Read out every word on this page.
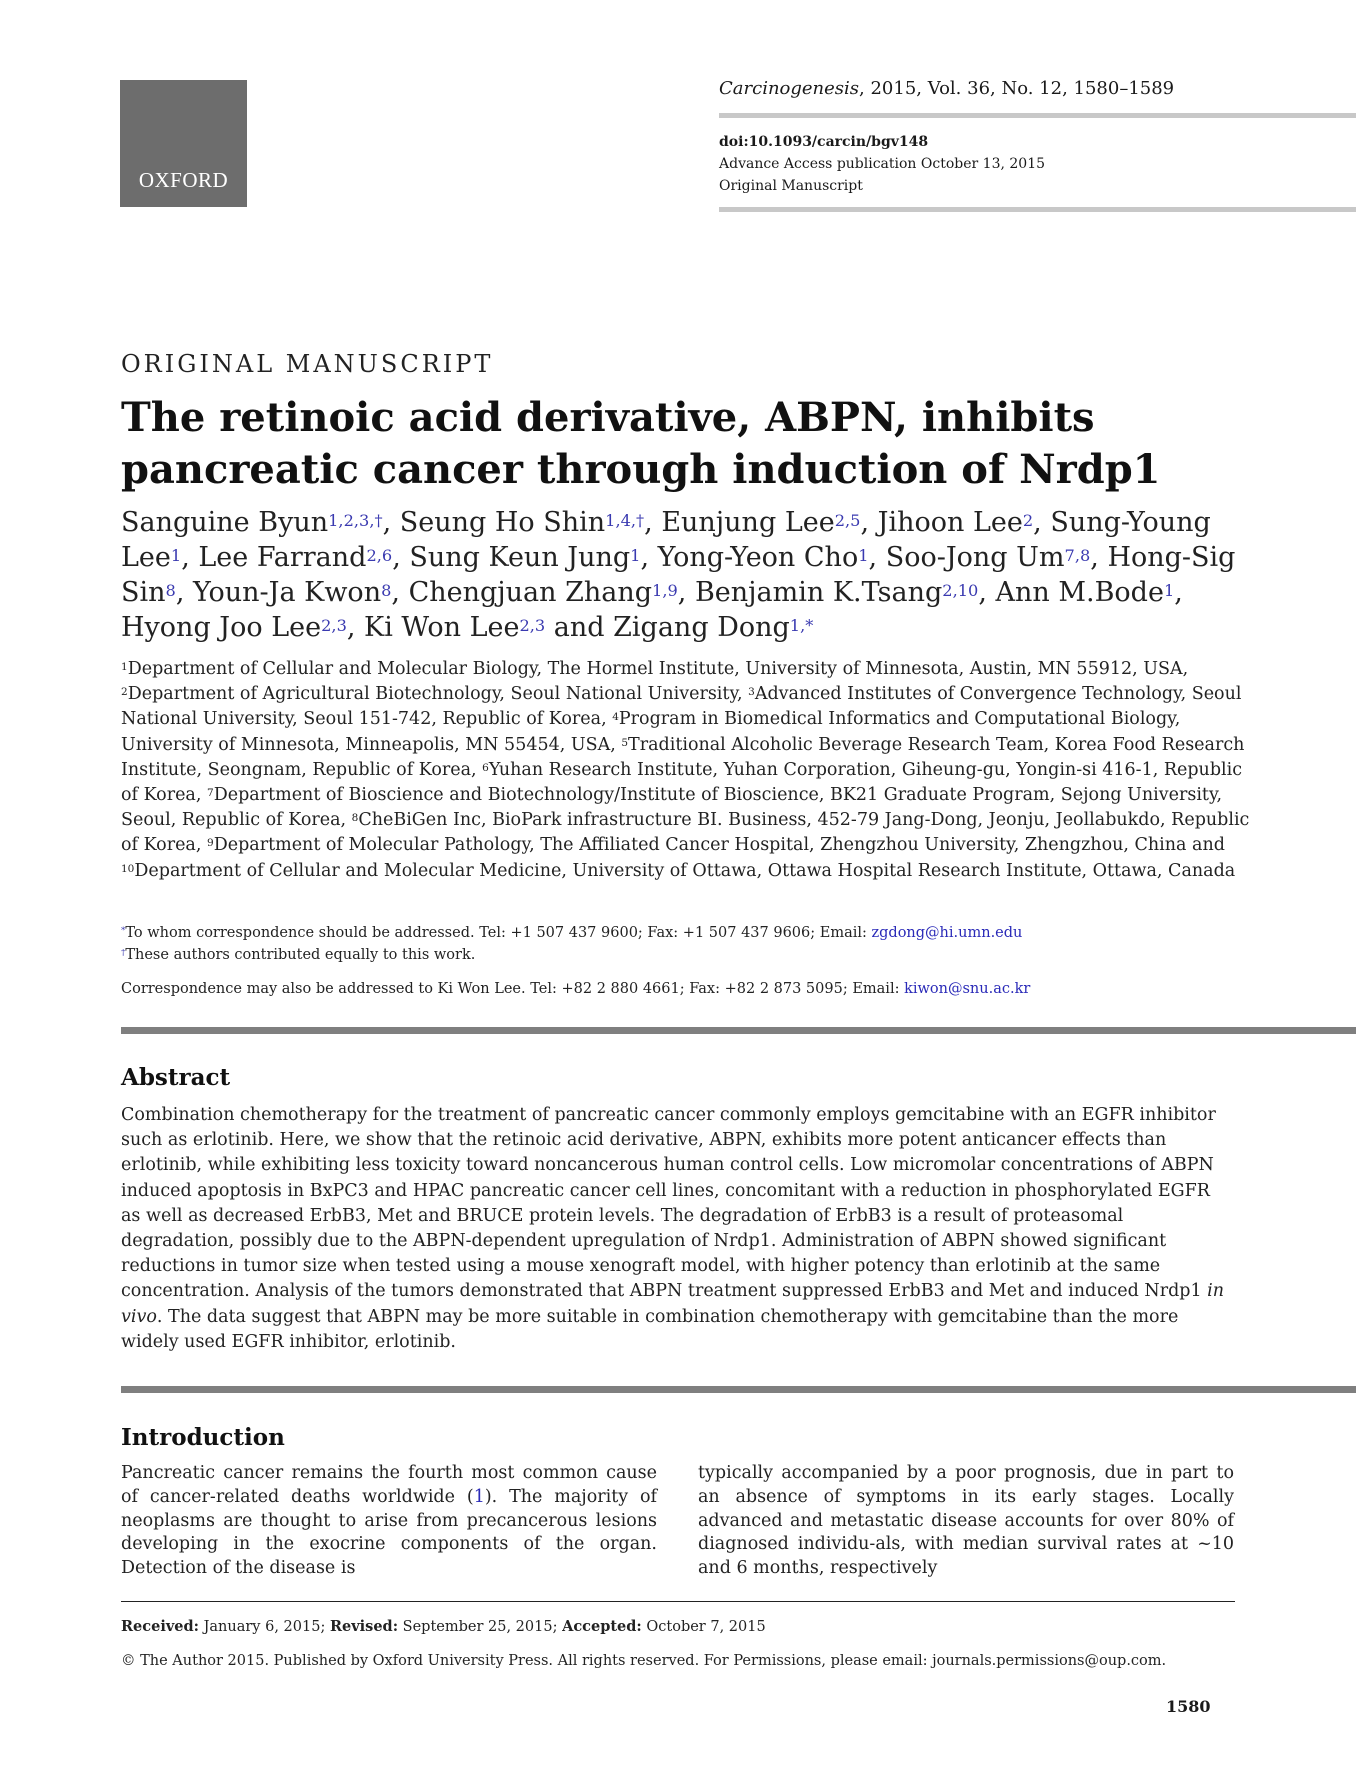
OXFORD
Carcinogenesis, 2015, Vol. 36, No. 12, 1580–1589
doi:10.1093/carcin/bgv148
Advance Access publication October 13, 2015
Original Manuscript
ORIGINAL MANUSCRIPT
The retinoic acid derivative, ABPN, inhibits pancreatic cancer through induction of Nrdp1
Sanguine Byun$^{1,2,3,\dagger}$, Seung Ho Shin$^{1,4,\dagger}$, Eunjung Lee$^{2,5}$, Jihoon Lee$^2$, Sung-Young Lee$^1$, Lee Farrand$^{2,6}$, Sung Keun Jung$^1$, Yong-Yeon Cho$^1$, Soo-Jong Um$^{7,8}$, Hong-Sig Sin$^8$, Youn-Ja Kwon$^8$, Chengjuan Zhang$^{1,9}$, Benjamin K.Tsang$^{2,10}$, Ann M.Bode$^1$, Hyong Joo Lee$^{2,3}$, Ki Won Lee$^{2,3}$ and Zigang Dong$^{1,*}$
$^1$Department of Cellular and Molecular Biology, The Hormel Institute, University of Minnesota, Austin, MN 55912, USA, $^2$Department of Agricultural Biotechnology, Seoul National University, $^3$Advanced Institutes of Convergence Technology, Seoul National University, Seoul 151-742, Republic of Korea, $^4$Program in Biomedical Informatics and Computational Biology, University of Minnesota, Minneapolis, MN 55454, USA, $^5$Traditional Alcoholic Beverage Research Team, Korea Food Research Institute, Seongnam, Republic of Korea, $^6$Yuhan Research Institute, Yuhan Corporation, Giheung-gu, Yongin-si 416-1, Republic of Korea, $^7$Department of Bioscience and Biotechnology/Institute of Bioscience, BK21 Graduate Program, Sejong University, Seoul, Republic of Korea, $^8$CheBiGen Inc, BioPark infrastructure BI. Business, 452-79 Jang-Dong, Jeonju, Jeollabukdo, Republic of Korea, $^9$Department of Molecular Pathology, The Affiliated Cancer Hospital, Zhengzhou University, Zhengzhou, China and $^{10}$Department of Cellular and Molecular Medicine, University of Ottawa, Ottawa Hospital Research Institute, Ottawa, Canada
*To whom correspondence should be addressed. Tel: +1 507 437 9600; Fax: +1 507 437 9606; Email: zgdong@hi.umn.edu
†These authors contributed equally to this work.
Correspondence may also be addressed to Ki Won Lee. Tel: +82 2 880 4661; Fax: +82 2 873 5095; Email: kiwon@snu.ac.kr
Abstract
Combination chemotherapy for the treatment of pancreatic cancer commonly employs gemcitabine with an EGFR inhibitor such as erlotinib. Here, we show that the retinoic acid derivative, ABPN, exhibits more potent anticancer effects than erlotinib, while exhibiting less toxicity toward noncancerous human control cells. Low micromolar concentrations of ABPN induced apoptosis in BxPC3 and HPAC pancreatic cancer cell lines, concomitant with a reduction in phosphorylated EGFR as well as decreased ErbB3, Met and BRUCE protein levels. The degradation of ErbB3 is a result of proteasomal degradation, possibly due to the ABPN-dependent upregulation of Nrdp1. Administration of ABPN showed significant reductions in tumor size when tested using a mouse xenograft model, with higher potency than erlotinib at the same concentration. Analysis of the tumors demonstrated that ABPN treatment suppressed ErbB3 and Met and induced Nrdp1 in vivo. The data suggest that ABPN may be more suitable in combination chemotherapy with gemcitabine than the more widely used EGFR inhibitor, erlotinib.
Introduction
Pancreatic cancer remains the fourth most common cause of cancer-related deaths worldwide (1). The majority of neoplasms are thought to arise from precancerous lesions developing in the exocrine components of the organ. Detection of the disease is
typically accompanied by a poor prognosis, due in part to an absence of symptoms in its early stages. Locally advanced and metastatic disease accounts for over 80% of diagnosed individu-als, with median survival rates at ~10 and 6 months, respectively
Received: January 6, 2015; Revised: September 25, 2015; Accepted: October 7, 2015
© The Author 2015. Published by Oxford University Press. All rights reserved. For Permissions, please email: journals.permissions@oup.com.
1580
